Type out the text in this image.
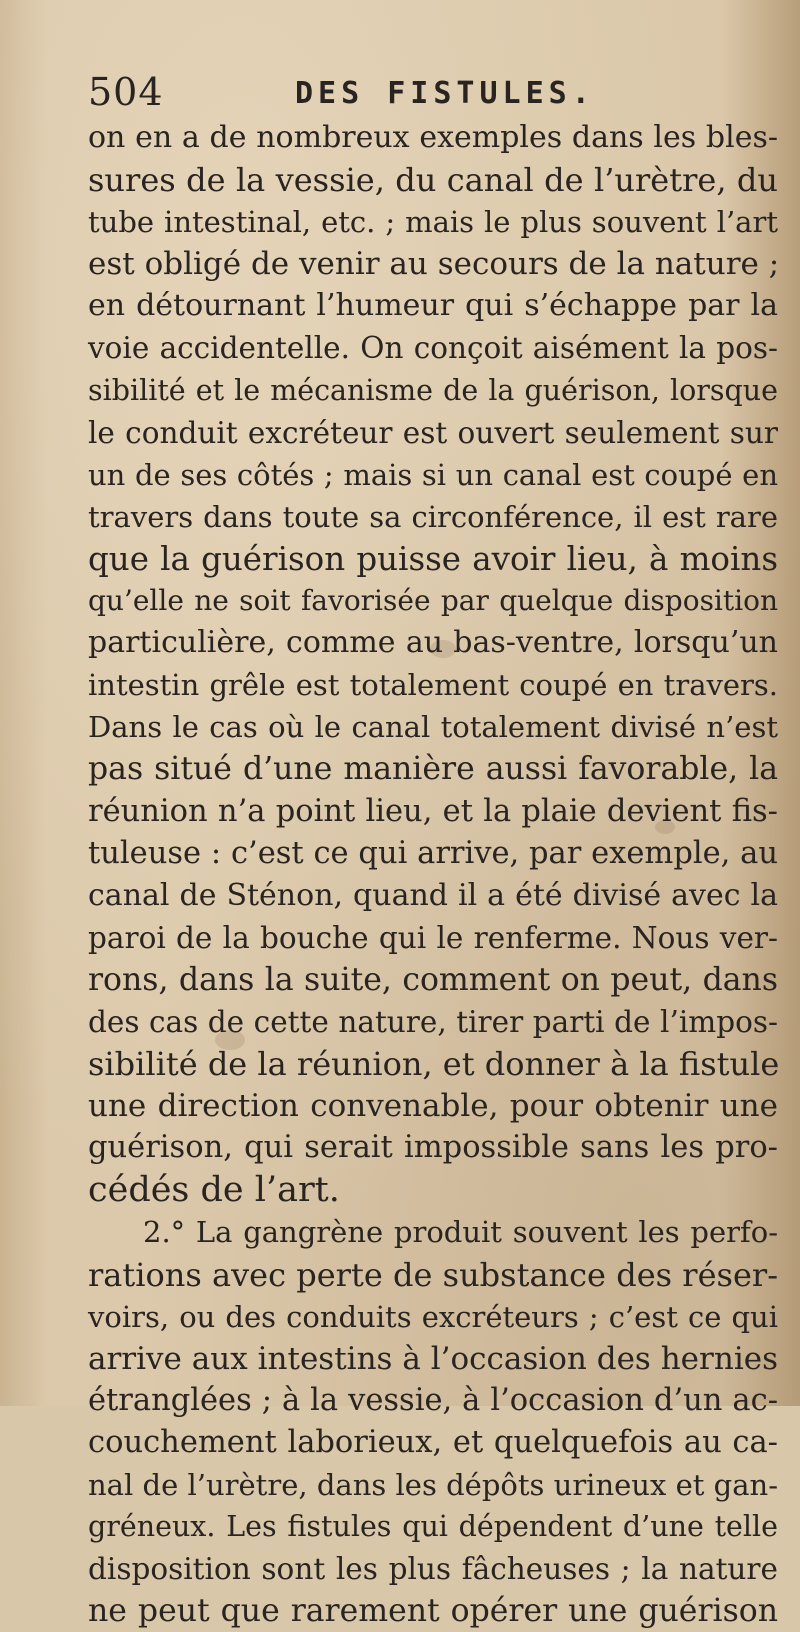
504	DES FISTULES.
on en a de nombreux exemples dans les bles-
sures de la vessie, du canal de l’urètre, du
tube intestinal, etc. ; mais le plus souvent l’art
est obligé de venir au secours de la nature ;
en détournant l’humeur qui s’échappe par la
voie accidentelle. On conçoit aisément la pos-
sibilité et le mécanisme de la guérison, lorsque
le conduit excréteur est ouvert seulement sur
un de ses côtés ; mais si un canal est coupé en
travers dans toute sa circonférence, il est rare
que la guérison puisse avoir lieu, à moins
qu’elle ne soit favorisée par quelque disposition
particulière, comme au bas-ventre, lorsqu’un
intestin grêle est totalement coupé en travers.
Dans le cas où le canal totalement divisé n’est
pas situé d’une manière aussi favorable, la
réunion n’a point lieu, et la plaie devient fis-
tuleuse : c’est ce qui arrive, par exemple, au
canal de Sténon, quand il a été divisé avec la
paroi de la bouche qui le renferme. Nous ver-
rons, dans la suite, comment on peut, dans
des cas de cette nature, tirer parti de l’impos-
sibilité de la réunion, et donner à la fistule
une direction convenable, pour obtenir une
guérison, qui serait impossible sans les pro-
cédés de l’art.
2.° La gangrène produit souvent les perfo-
rations avec perte de substance des réser-
voirs, ou des conduits excréteurs ; c’est ce qui
arrive aux intestins à l’occasion des hernies
étranglées ; à la vessie, à l’occasion d’un ac-
couchement laborieux, et quelquefois au ca-
nal de l’urètre, dans les dépôts urineux et gan-
gréneux. Les fistules qui dépendent d’une telle
disposition sont les plus fâcheuses ; la nature
ne peut que rarement opérer une guérison
